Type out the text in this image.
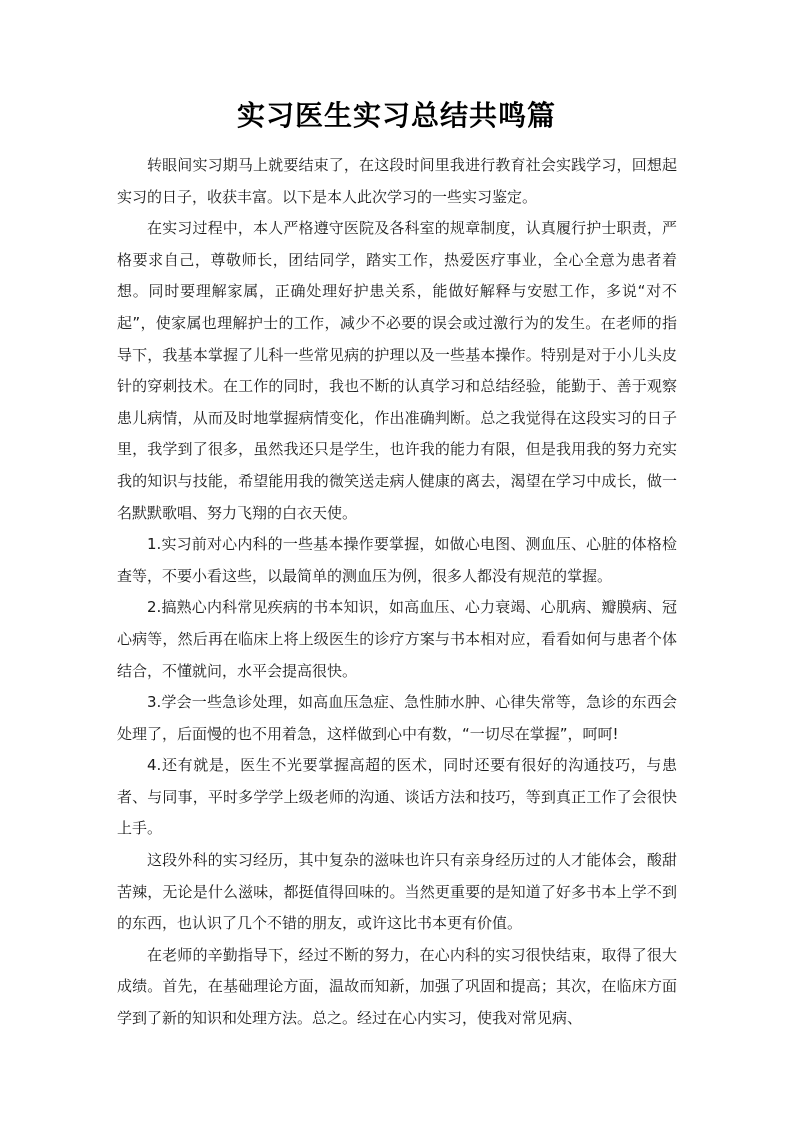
实习医生实习总结共鸣篇

转眼间实习期马上就要结束了，在这段时间里我进行教育社会实践学习，回想起实习的日子，收获丰富。以下是本人此次学习的一些实习鉴定。

在实习过程中，本人严格遵守医院及各科室的规章制度，认真履行护士职责，严格要求自己，尊敬师长，团结同学，踏实工作，热爱医疗事业，全心全意为患者着想。同时要理解家属，正确处理好护患关系，能做好解释与安慰工作，多说“对不起”，使家属也理解护士的工作，减少不必要的误会或过激行为的发生。在老师的指导下，我基本掌握了儿科一些常见病的护理以及一些基本操作。特别是对于小儿头皮针的穿刺技术。在工作的同时，我也不断的认真学习和总结经验，能勤于、善于观察患儿病情，从而及时地掌握病情变化，作出准确判断。总之我觉得在这段实习的日子里，我学到了很多，虽然我还只是学生，也许我的能力有限，但是我用我的努力充实我的知识与技能，希望能用我的微笑送走病人健康的离去，渴望在学习中成长，做一名默默歌唱、努力飞翔的白衣天使。

1.实习前对心内科的一些基本操作要掌握，如做心电图、测血压、心脏的体格检查等，不要小看这些，以最简单的测血压为例，很多人都没有规范的掌握。

2.搞熟心内科常见疾病的书本知识，如高血压、心力衰竭、心肌病、瓣膜病、冠心病等，然后再在临床上将上级医生的诊疗方案与书本相对应，看看如何与患者个体结合，不懂就问，水平会提高很快。

3.学会一些急诊处理，如高血压急症、急性肺水肿、心律失常等，急诊的东西会处理了，后面慢的也不用着急，这样做到心中有数，“一切尽在掌握”，呵呵!

4.还有就是，医生不光要掌握高超的医术，同时还要有很好的沟通技巧，与患者、与同事，平时多学学上级老师的沟通、谈话方法和技巧，等到真正工作了会很快上手。

这段外科的实习经历，其中复杂的滋味也许只有亲身经历过的人才能体会，酸甜苦辣，无论是什么滋味，都挺值得回味的。当然更重要的是知道了好多书本上学不到的东西，也认识了几个不错的朋友，或许这比书本更有价值。

在老师的辛勤指导下，经过不断的努力，在心内科的实习很快结束，取得了很大成绩。首先，在基础理论方面，温故而知新，加强了巩固和提高；其次，在临床方面学到了新的知识和处理方法。总之。经过在心内实习，使我对常见病、
